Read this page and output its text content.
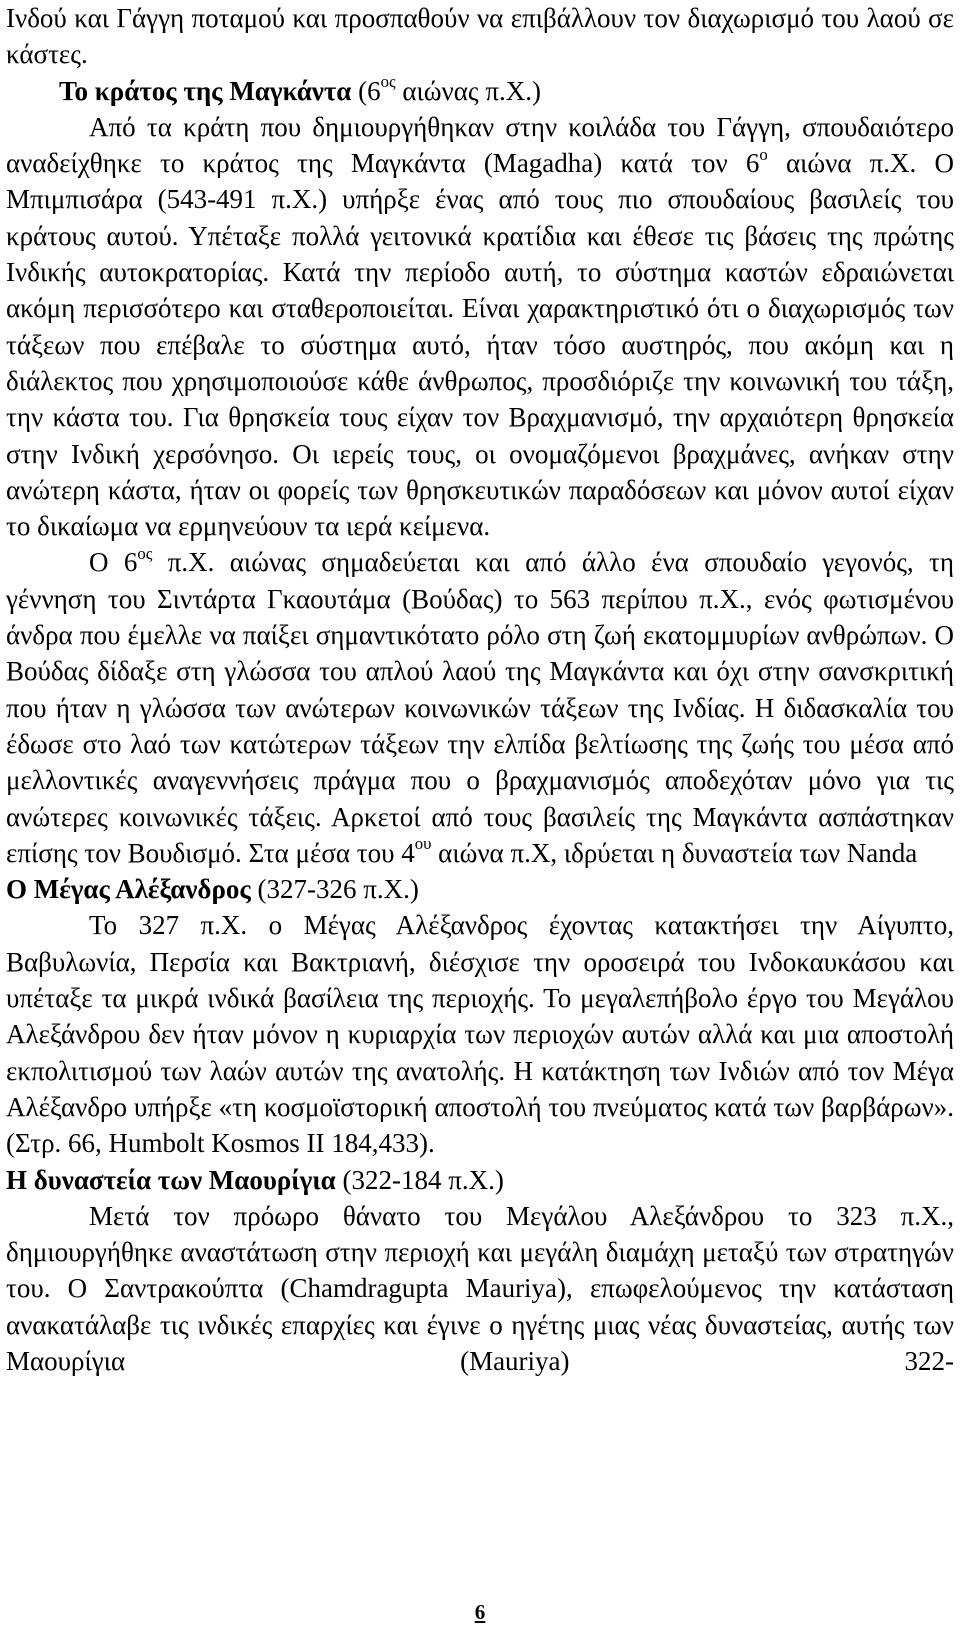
Ινδού και Γάγγη ποταμού και προσπαθούν να επιβάλλουν τον διαχωρισμό του λαού σε κάστες.

Το κράτος της Μαγκάντα ($6^{o\varsigma}$ αιώνας π.Χ.)

Από τα κράτη που δημιουργήθηκαν στην κοιλάδα του Γάγγη, σπουδαιότερο αναδείχθηκε το κράτος της Μαγκάντα (Magadha) κατά τον $6^o$ αιώνα π.Χ. Ο Μπιμπισάρα (543-491 π.Χ.) υπήρξε ένας από τους πιο σπουδαίους βασιλείς του κράτους αυτού. Υπέταξε πολλά γειτονικά κρατίδια και έθεσε τις βάσεις της πρώτης Ινδικής αυτοκρατορίας. Κατά την περίοδο αυτή, το σύστημα καστών εδραιώνεται ακόμη περισσότερο και σταθεροποιείται. Είναι χαρακτηριστικό ότι ο διαχωρισμός των τάξεων που επέβαλε το σύστημα αυτό, ήταν τόσο αυστηρός, που ακόμη και η διάλεκτος που χρησιμοποιούσε κάθε άνθρωπος, προσδιόριζε την κοινωνική του τάξη, την κάστα του. Για θρησκεία τους είχαν τον Βραχμανισμό, την αρχαιότερη θρησκεία στην Ινδική χερσόνησο. Οι ιερείς τους, οι ονομαζόμενοι βραχμάνες, ανήκαν στην ανώτερη κάστα, ήταν οι φορείς των θρησκευτικών παραδόσεων και μόνον αυτοί είχαν το δικαίωμα να ερμηνεύουν τα ιερά κείμενα.

Ο $6^{o\varsigma}$ π.Χ. αιώνας σημαδεύεται και από άλλο ένα σπουδαίο γεγονός, τη γέννηση του Σιντάρτα Γκαουτάμα (Βούδας) το 563 περίπου π.Χ., ενός φωτισμένου άνδρα που έμελλε να παίξει σημαντικότατο ρόλο στη ζωή εκατομμυρίων ανθρώπων. Ο Βούδας δίδαξε στη γλώσσα του απλού λαού της Μαγκάντα και όχι στην σανσκριτική που ήταν η γλώσσα των ανώτερων κοινωνικών τάξεων της Ινδίας. Η διδασκαλία του έδωσε στο λαό των κατώτερων τάξεων την ελπίδα βελτίωσης της ζωής του μέσα από μελλοντικές αναγεννήσεις πράγμα που ο βραχμανισμός αποδεχόταν μόνο για τις ανώτερες κοινωνικές τάξεις. Αρκετοί από τους βασιλείς της Μαγκάντα ασπάστηκαν επίσης τον Βουδισμό. Στα μέσα του $4^{o\upsilon}$ αιώνα π.Χ, ιδρύεται η δυναστεία των Nanda

Ο Μέγας Αλέξανδρος (327-326 π.Χ.)

Το 327 π.Χ. ο Μέγας Αλέξανδρος έχοντας κατακτήσει την Αίγυπτο, Βαβυλωνία, Περσία και Βακτριανή, διέσχισε την οροσειρά του Ινδοκαυκάσου και υπέταξε τα μικρά ινδικά βασίλεια της περιοχής. Το μεγαλεπήβολο έργο του Μεγάλου Αλεξάνδρου δεν ήταν μόνον η κυριαρχία των περιοχών αυτών αλλά και μια αποστολή εκπολιτισμού των λαών αυτών της ανατολής. Η κατάκτηση των Ινδιών από τον Μέγα Αλέξανδρο υπήρξε «τη κοσμοϊστορική αποστολή του πνεύματος κατά των βαρβάρων». (Στρ. 66, Humbolt Kosmos II 184,433).

Η δυναστεία των Μαουρίγια (322-184 π.Χ.)

Μετά τον πρόωρο θάνατο του Μεγάλου Αλεξάνδρου το 323 π.Χ., δημιουργήθηκε αναστάτωση στην περιοχή και μεγάλη διαμάχη μεταξύ των στρατηγών του. Ο Σαντρακούπτα (Chamdragupta Mauriya), επωφελούμενος την κατάσταση ανακατάλαβε τις ινδικές επαρχίες και έγινε ο ηγέτης μιας νέας δυναστείας, αυτής των Μαουρίγια (Mauriya) 322-

6
